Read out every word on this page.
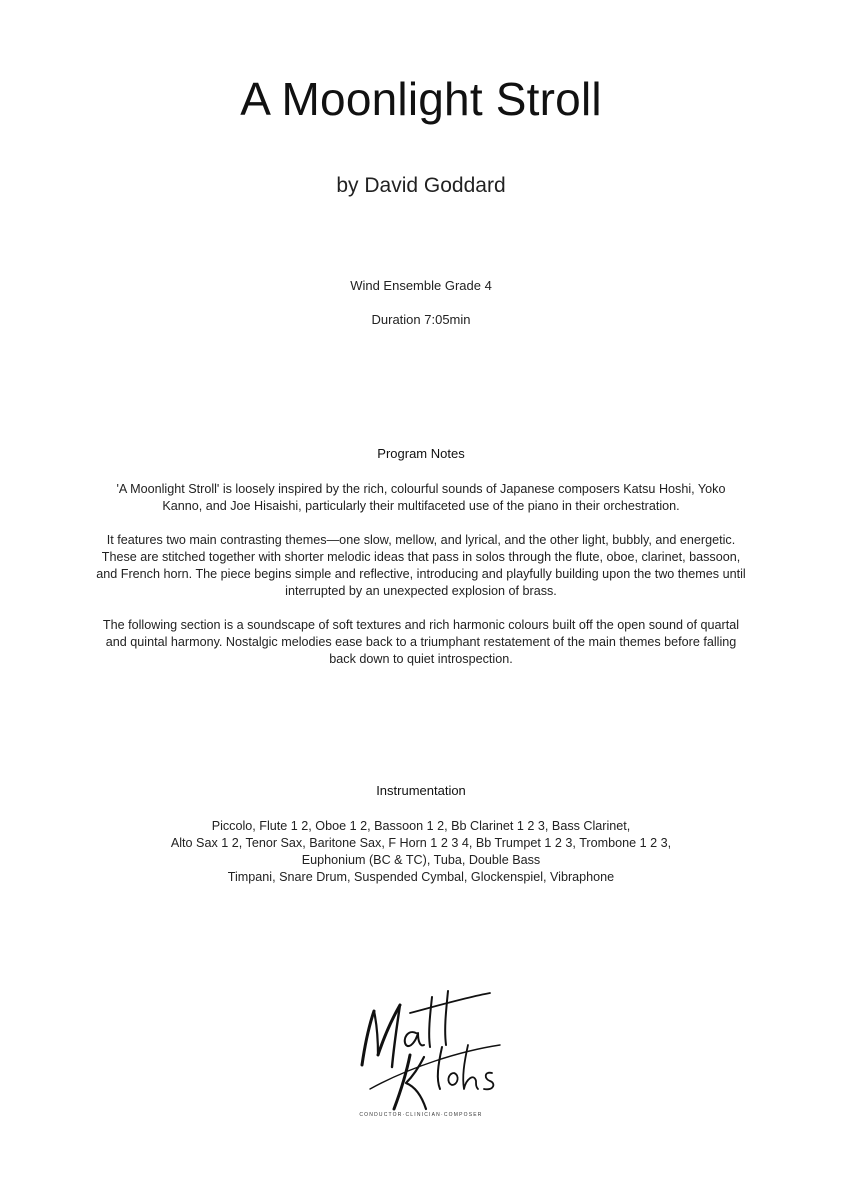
A Moonlight Stroll
by David Goddard
Wind Ensemble Grade 4
Duration 7:05min
Program Notes

'A Moonlight Stroll' is loosely inspired by the rich, colourful sounds of Japanese composers Katsu Hoshi, Yoko Kanno, and Joe Hisaishi, particularly their multifaceted use of the piano in their orchestration.

It features two main contrasting themes—one slow, mellow, and lyrical, and the other light, bubbly, and energetic. These are stitched together with shorter melodic ideas that pass in solos through the flute, oboe, clarinet, bassoon, and French horn. The piece begins simple and reflective, introducing and playfully building upon the two themes until interrupted by an unexpected explosion of brass.

The following section is a soundscape of soft textures and rich harmonic colours built off the open sound of quartal and quintal harmony. Nostalgic melodies ease back to a triumphant restatement of the main themes before falling back down to quiet introspection.

Instrumentation
Piccolo, Flute 1 2, Oboe 1 2, Bassoon 1 2, Bb Clarinet 1 2 3, Bass Clarinet,
Alto Sax 1 2, Tenor Sax, Baritone Sax, F Horn 1 2 3 4, Bb Trumpet 1 2 3, Trombone 1 2 3,
Euphonium (BC & TC), Tuba, Double Bass
Timpani, Snare Drum, Suspended Cymbal, Glockenspiel, Vibraphone
CONDUCTOR·CLINICIAN·COMPOSER
